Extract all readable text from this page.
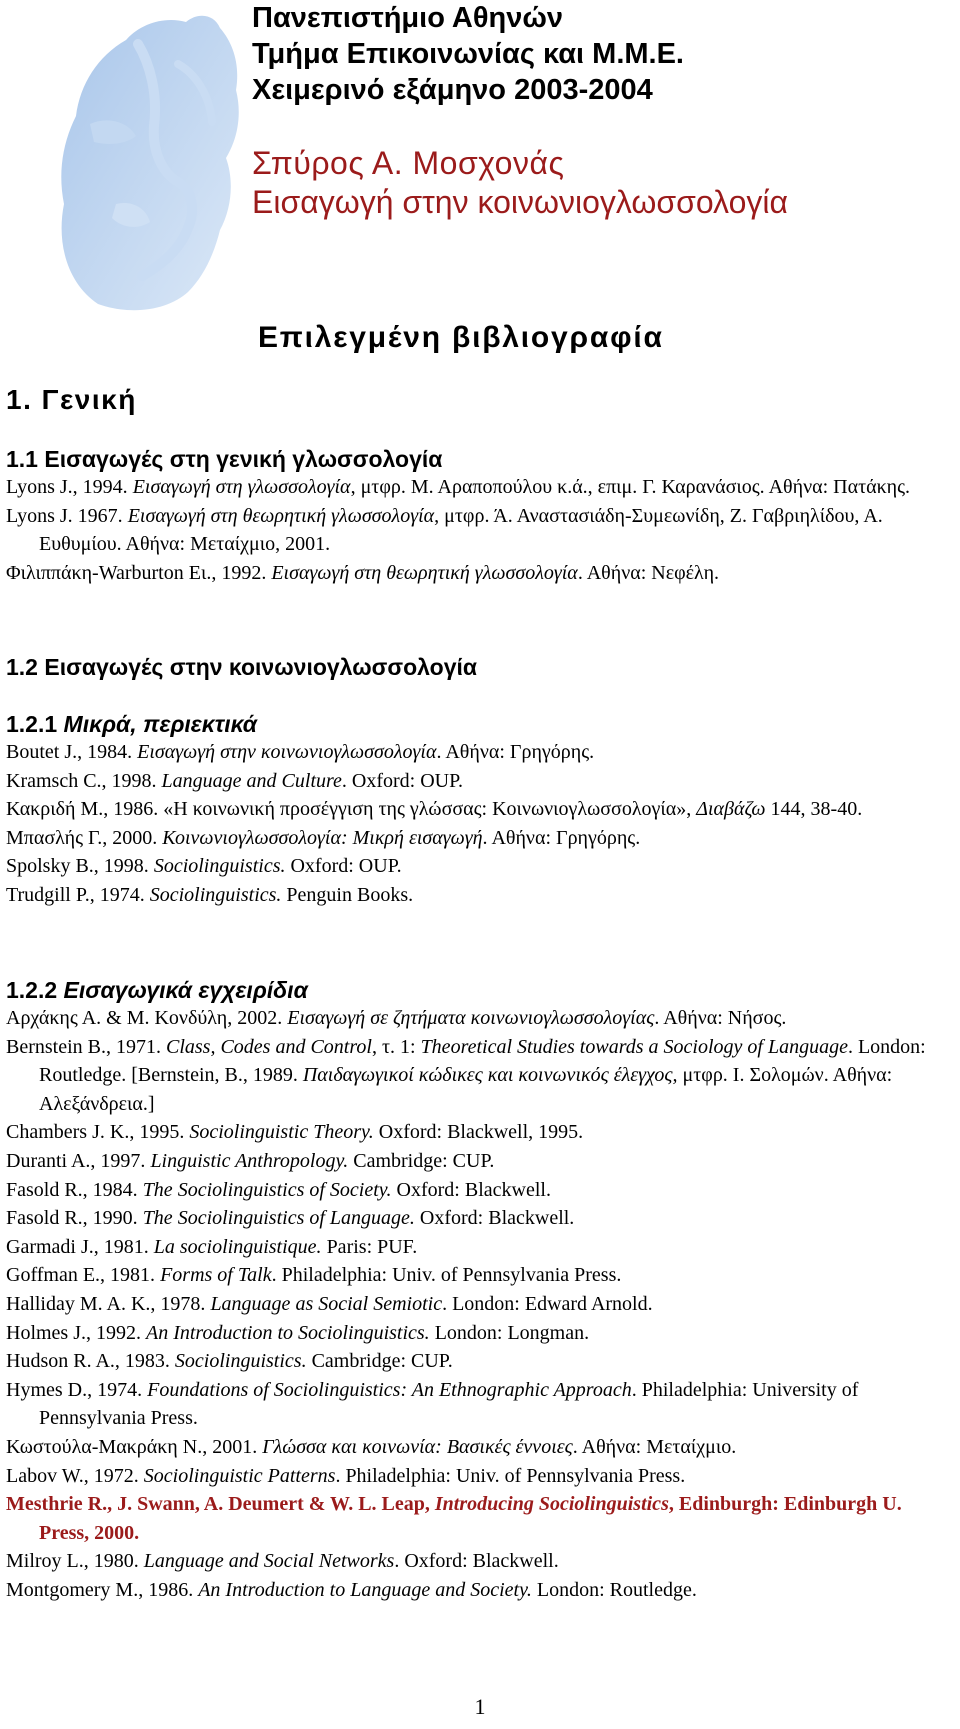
Πανεπιστήμιο Αθηνών
Τμήμα Επικοινωνίας και Μ.Μ.Ε.
Χειμερινό εξάμηνο 2003-2004
Σπύρος Α. Μοσχονάς
Εισαγωγή στην κοινωνιογλωσσολογία
Επιλεγμένη βιβλιογραφία
1. Γενική
1.1 Εισαγωγές στη γενική γλωσσολογία

Lyons J., 1994. Εισαγωγή στη γλωσσολογία, μτφρ. Μ. Αραποπούλου κ.ά., επιμ. Γ. Καρανάσιος. Αθήνα: Πατάκης.

Lyons J. 1967. Εισαγωγή στη θεωρητική γλωσσολογία, μτφρ. Ά. Αναστασιάδη-Συμεωνίδη, Ζ. Γαβριηλίδου, Α. Ευθυμίου. Αθήνα: Μεταίχμιο, 2001.

Φιλιππάκη-Warburton Ει., 1992. Εισαγωγή στη θεωρητική γλωσσολογία. Αθήνα: Νεφέλη.

1.2 Εισαγωγές στην κοινωνιογλωσσολογία
1.2.1 Μικρά, περιεκτικά

Boutet J., 1984. Εισαγωγή στην κοινωνιογλωσσολογία. Αθήνα: Γρηγόρης.

Kramsch C., 1998. Language and Culture. Oxford: OUP.

Κακριδή Μ., 1986. «Η κοινωνική προσέγγιση της γλώσσας: Κοινωνιογλωσσολογία», Διαβάζω 144, 38-40.

Μπασλής Γ., 2000. Κοινωνιογλωσσολογία: Μικρή εισαγωγή. Αθήνα: Γρηγόρης.

Spolsky B., 1998. Sociolinguistics. Oxford: OUP.

Trudgill P., 1974. Sociolinguistics. Penguin Books.

1.2.2 Εισαγωγικά εγχειρίδια

Αρχάκης Α. & Μ. Κονδύλη, 2002. Εισαγωγή σε ζητήματα κοινωνιογλωσσολογίας. Αθήνα: Νήσος.

Bernstein B., 1971. Class, Codes and Control, τ. 1: Theoretical Studies towards a Sociology of Language. London: Routledge. [Bernstein, B., 1989. Παιδαγωγικοί κώδικες και κοινωνικός έλεγχος, μτφρ. Ι. Σολομών. Αθήνα: Αλεξάνδρεια.]

Chambers J. K., 1995. Sociolinguistic Theory. Oxford: Blackwell, 1995.

Duranti A., 1997. Linguistic Anthropology. Cambridge: CUP.

Fasold R., 1984. The Sociolinguistics of Society. Oxford: Blackwell.

Fasold R., 1990. The Sociolinguistics of Language. Oxford: Blackwell.

Garmadi J., 1981. La sociolinguistique. Paris: PUF.

Goffman E., 1981. Forms of Talk. Philadelphia: Univ. of Pennsylvania Press.

Halliday M. A. K., 1978. Language as Social Semiotic. London: Edward Arnold.

Holmes J., 1992. An Introduction to Sociolinguistics. London: Longman.

Hudson R. A., 1983. Sociolinguistics. Cambridge: CUP.

Hymes D., 1974. Foundations of Sociolinguistics: An Ethnographic Approach. Philadelphia: University of Pennsylvania Press.

Κωστούλα-Μακράκη Ν., 2001. Γλώσσα και κοινωνία: Βασικές έννοιες. Αθήνα: Μεταίχμιο.

Labov W., 1972. Sociolinguistic Patterns. Philadelphia: Univ. of Pennsylvania Press.

Mesthrie R., J. Swann, A. Deumert & W. L. Leap, Introducing Sociolinguistics, Edinburgh: Edinburgh U. Press, 2000.

Milroy L., 1980. Language and Social Networks. Oxford: Blackwell.

Montgomery M., 1986. An Introduction to Language and Society. London: Routledge.

1
